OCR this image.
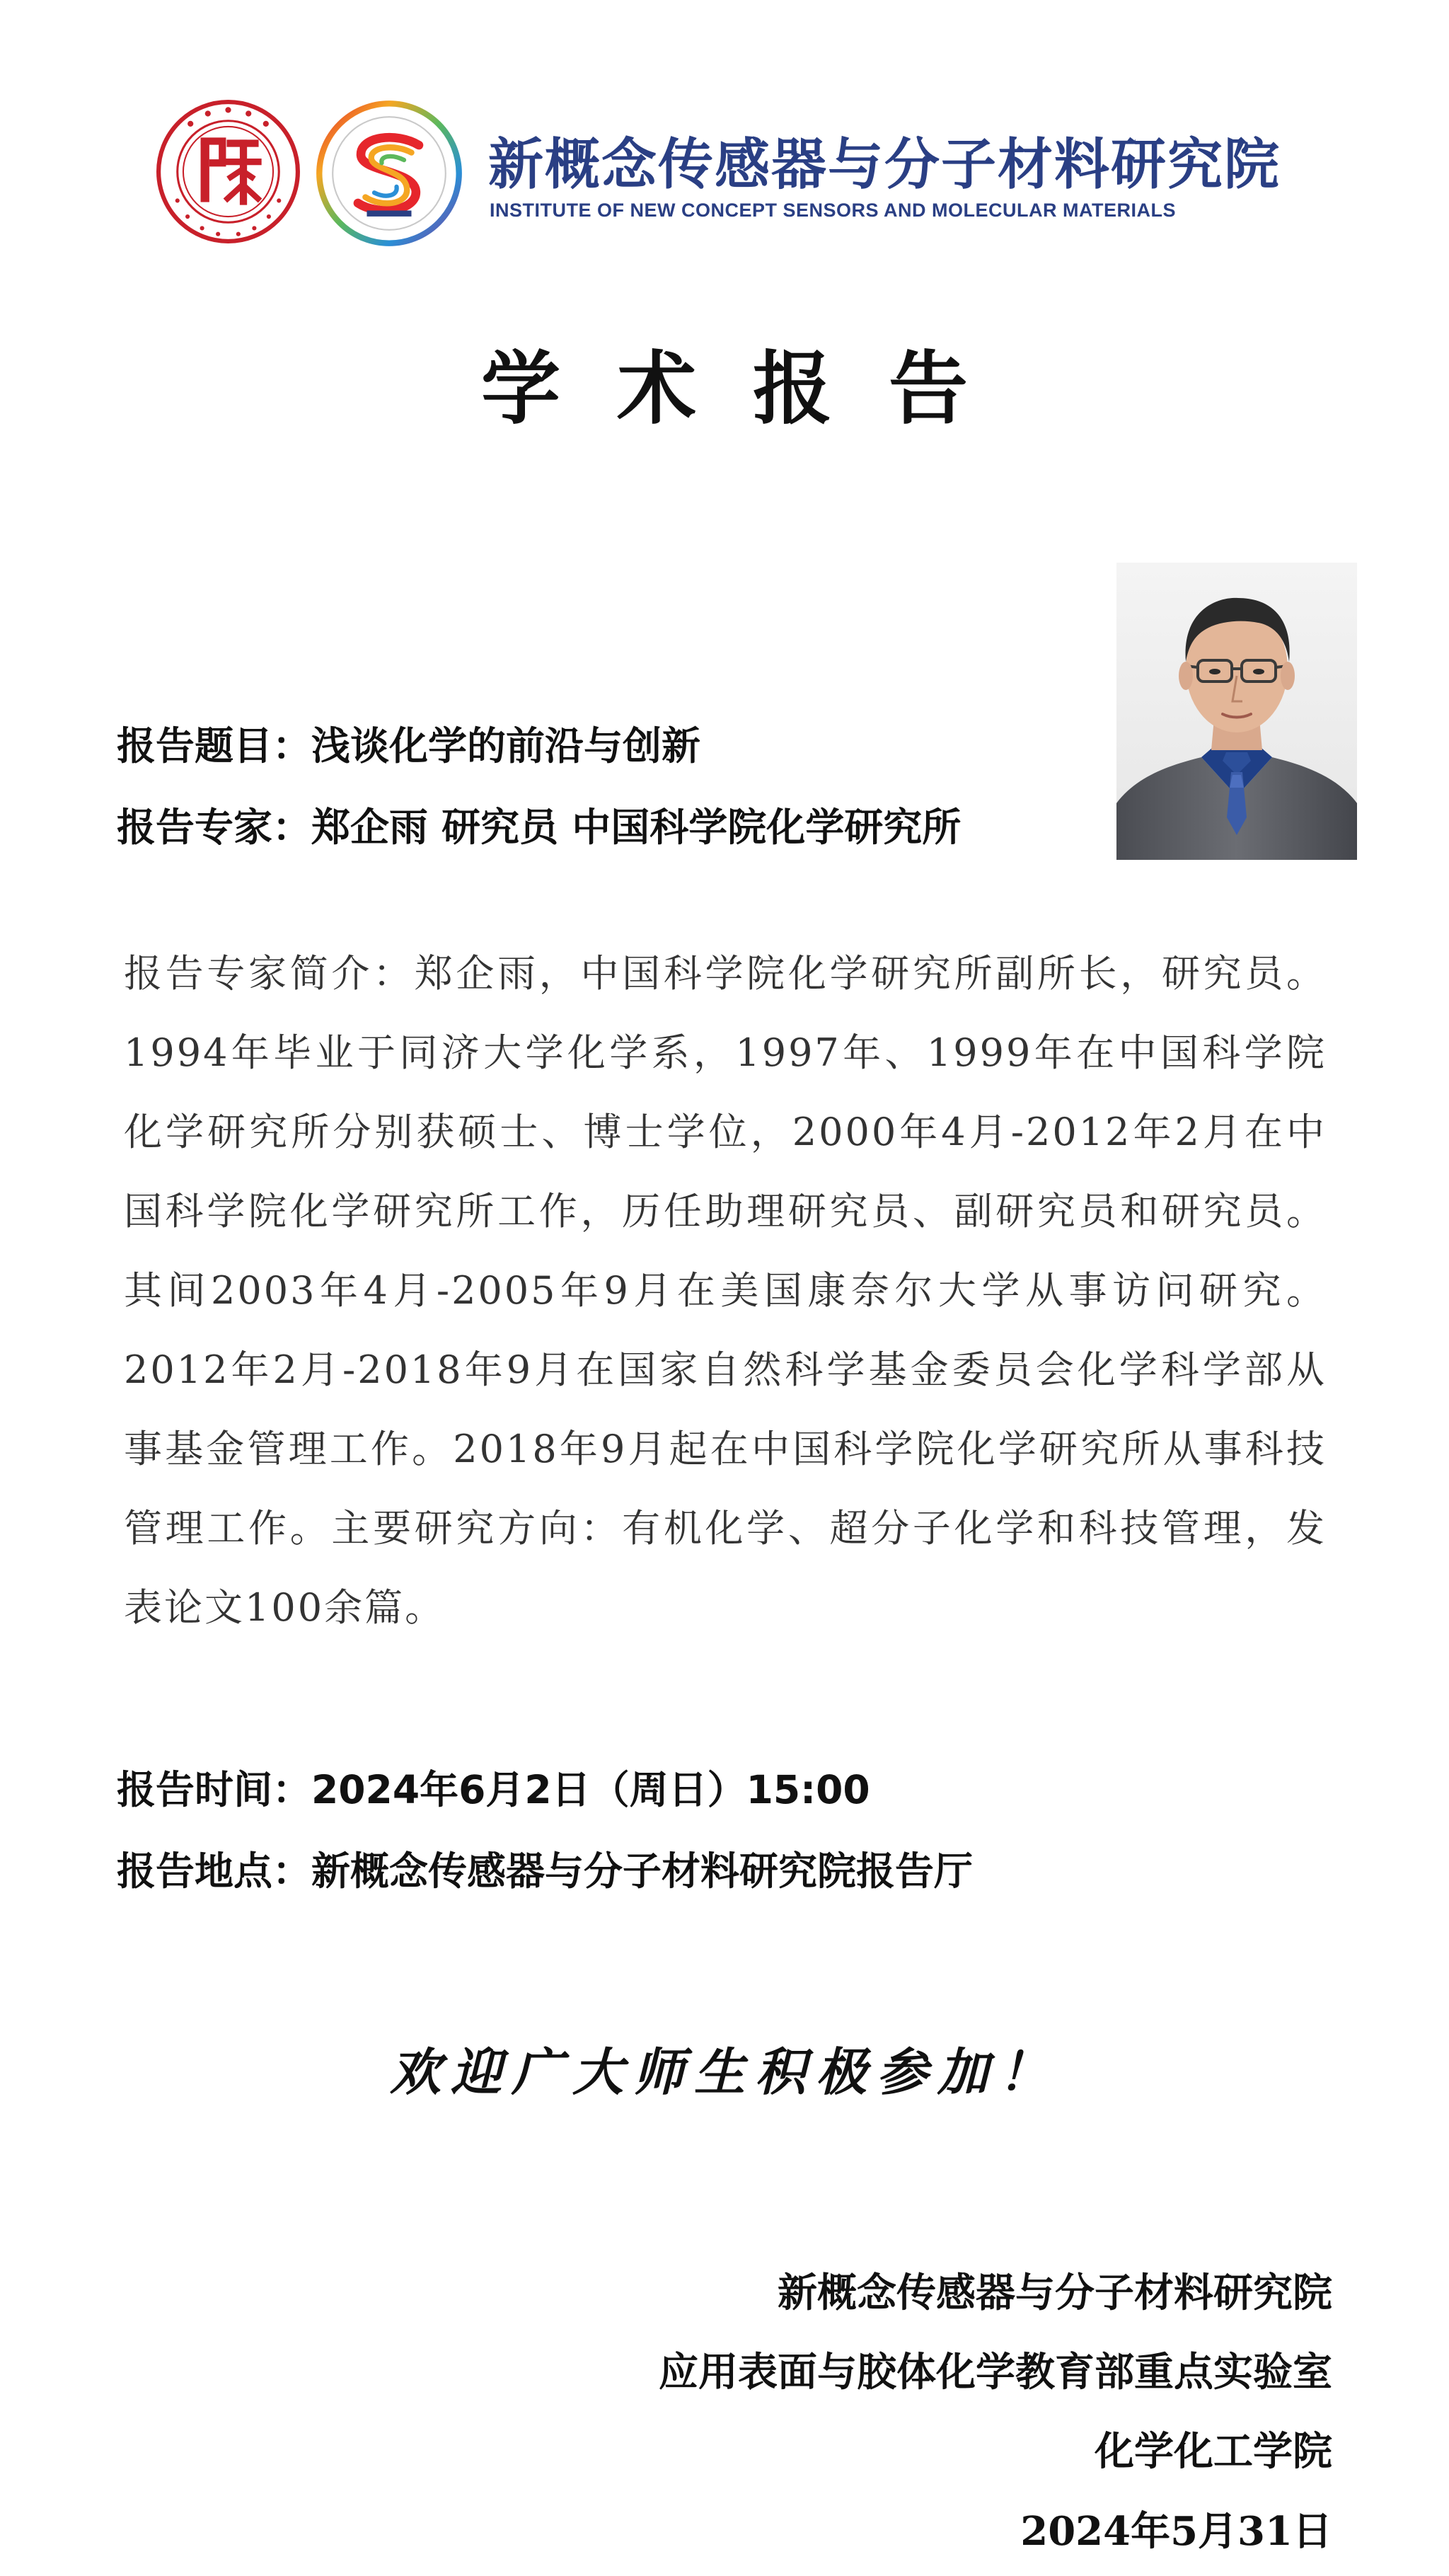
新概念传感器与分子材料研究院
INSTITUTE OF NEW CONCEPT SENSORS AND MOLECULAR MATERIALS
学术报告
报告题目：浅谈化学的前沿与创新
报告专家：郑企雨 研究员 中国科学院化学研究所
报告专家简介：郑企雨，中国科学院化学研究所副所长，研究员。1994年毕业于同济大学化学系，1997年、1999年在中国科学院化学研究所分别获硕士、博士学位，2000年4月-2012年2月在中国科学院化学研究所工作，历任助理研究员、副研究员和研究员。其间2003年4月-2005年9月在美国康奈尔大学从事访问研究。2012年2月-2018年9月在国家自然科学基金委员会化学科学部从事基金管理工作。2018年9月起在中国科学院化学研究所从事科技管理工作。主要研究方向：有机化学、超分子化学和科技管理，发表论文100余篇。
报告时间：2024年6月2日（周日）15:00
报告地点：新概念传感器与分子材料研究院报告厅
欢迎广大师生积极参加！
新概念传感器与分子材料研究院
应用表面与胶体化学教育部重点实验室
化学化工学院
2024年5月31日
